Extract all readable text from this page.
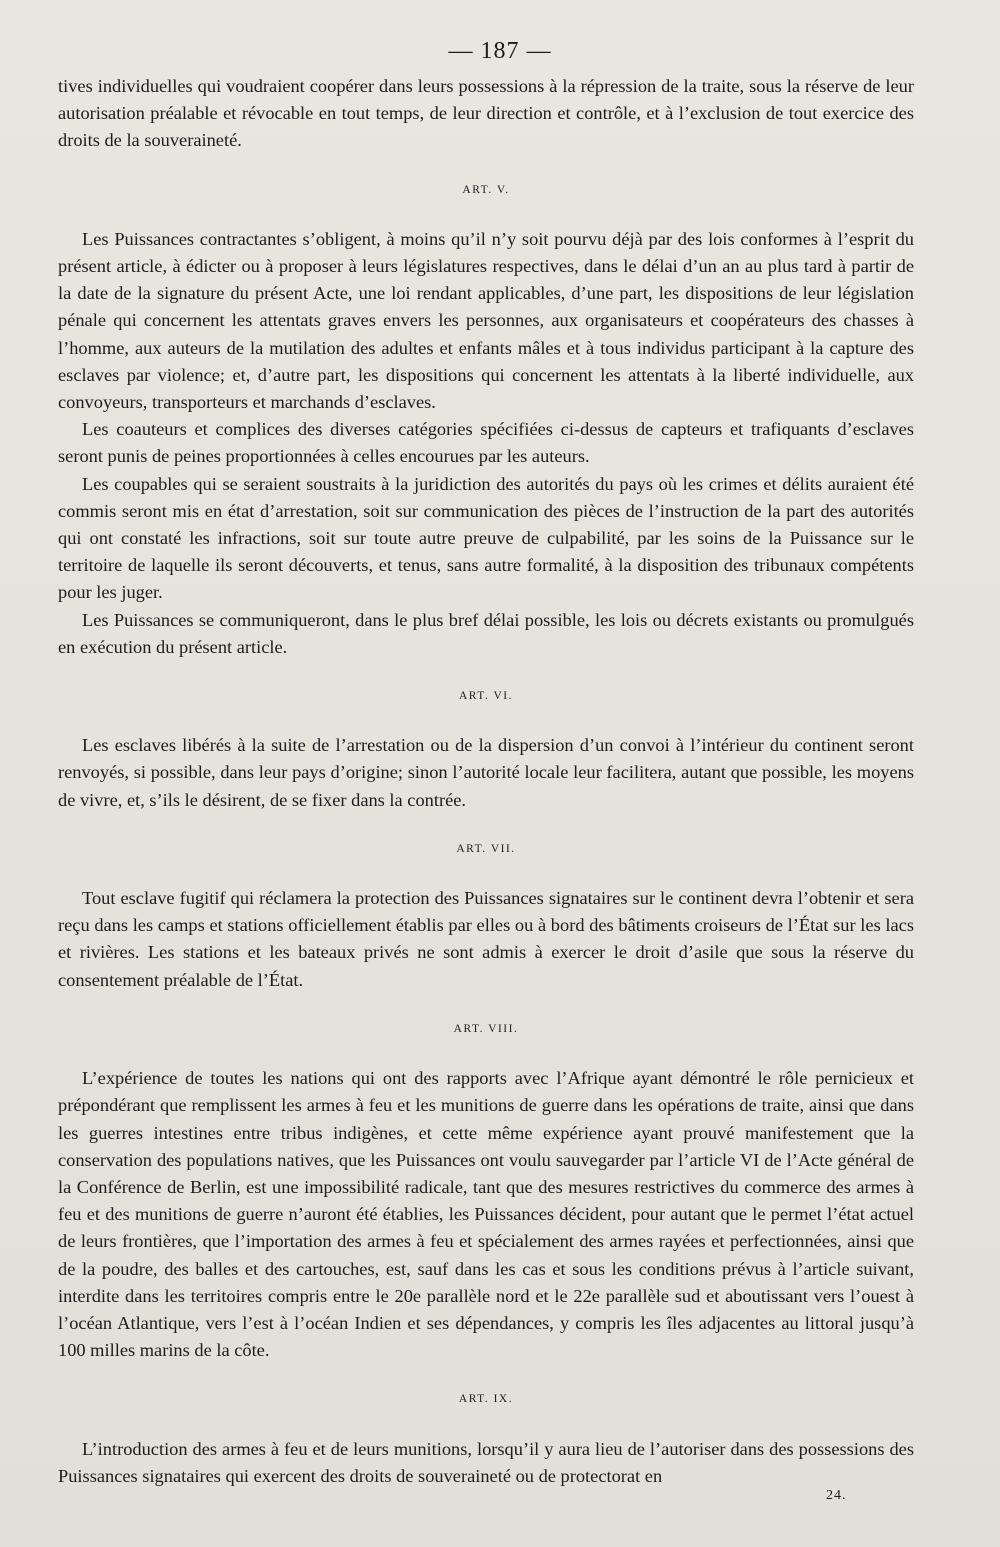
— 187 —

tives individuelles qui voudraient coopérer dans leurs possessions à la répression de la traite, sous la réserve de leur autorisation préalable et révocable en tout temps, de leur direction et contrôle, et à l’exclusion de tout exercice des droits de la souveraineté.

ART. V.

Les Puissances contractantes s’obligent, à moins qu’il n’y soit pourvu déjà par des lois conformes à l’esprit du présent article, à édicter ou à proposer à leurs législatures respectives, dans le délai d’un an au plus tard à partir de la date de la signature du présent Acte, une loi rendant applicables, d’une part, les dispositions de leur législation pénale qui concernent les attentats graves envers les personnes, aux organisateurs et coopérateurs des chasses à l’homme, aux auteurs de la mutilation des adultes et enfants mâles et à tous individus participant à la capture des esclaves par violence; et, d’autre part, les dispositions qui concernent les attentats à la liberté individuelle, aux convoyeurs, transporteurs et marchands d’esclaves.

Les coauteurs et complices des diverses catégories spécifiées ci-dessus de capteurs et trafiquants d’esclaves seront punis de peines proportionnées à celles encourues par les auteurs.

Les coupables qui se seraient soustraits à la juridiction des autorités du pays où les crimes et délits auraient été commis seront mis en état d’arrestation, soit sur communication des pièces de l’instruction de la part des autorités qui ont constaté les infractions, soit sur toute autre preuve de culpabilité, par les soins de la Puissance sur le territoire de laquelle ils seront découverts, et tenus, sans autre formalité, à la disposition des tribunaux compétents pour les juger.

Les Puissances se communiqueront, dans le plus bref délai possible, les lois ou décrets existants ou promulgués en exécution du présent article.

ART. VI.

Les esclaves libérés à la suite de l’arrestation ou de la dispersion d’un convoi à l’intérieur du continent seront renvoyés, si possible, dans leur pays d’origine; sinon l’autorité locale leur facilitera, autant que possible, les moyens de vivre, et, s’ils le désirent, de se fixer dans la contrée.

ART. VII.

Tout esclave fugitif qui réclamera la protection des Puissances signataires sur le continent devra l’obtenir et sera reçu dans les camps et stations officiellement établis par elles ou à bord des bâtiments croiseurs de l’État sur les lacs et rivières. Les stations et les bateaux privés ne sont admis à exercer le droit d’asile que sous la réserve du consentement préalable de l’État.

ART. VIII.

L’expérience de toutes les nations qui ont des rapports avec l’Afrique ayant démontré le rôle pernicieux et prépondérant que remplissent les armes à feu et les munitions de guerre dans les opérations de traite, ainsi que dans les guerres intestines entre tribus indigènes, et cette même expérience ayant prouvé manifestement que la conservation des populations natives, que les Puissances ont voulu sauvegarder par l’article VI de l’Acte général de la Conférence de Berlin, est une impossibilité radicale, tant que des mesures restrictives du commerce des armes à feu et des munitions de guerre n’auront été établies, les Puissances décident, pour autant que le permet l’état actuel de leurs frontières, que l’importation des armes à feu et spécialement des armes rayées et perfectionnées, ainsi que de la poudre, des balles et des cartouches, est, sauf dans les cas et sous les conditions prévus à l’article suivant, interdite dans les territoires compris entre le 20e parallèle nord et le 22e parallèle sud et aboutissant vers l’ouest à l’océan Atlantique, vers l’est à l’océan Indien et ses dépendances, y compris les îles adjacentes au littoral jusqu’à 100 milles marins de la côte.

ART. IX.

L’introduction des armes à feu et de leurs munitions, lorsqu’il y aura lieu de l’autoriser dans des possessions des Puissances signataires qui exercent des droits de souveraineté ou de protectorat en

24.
